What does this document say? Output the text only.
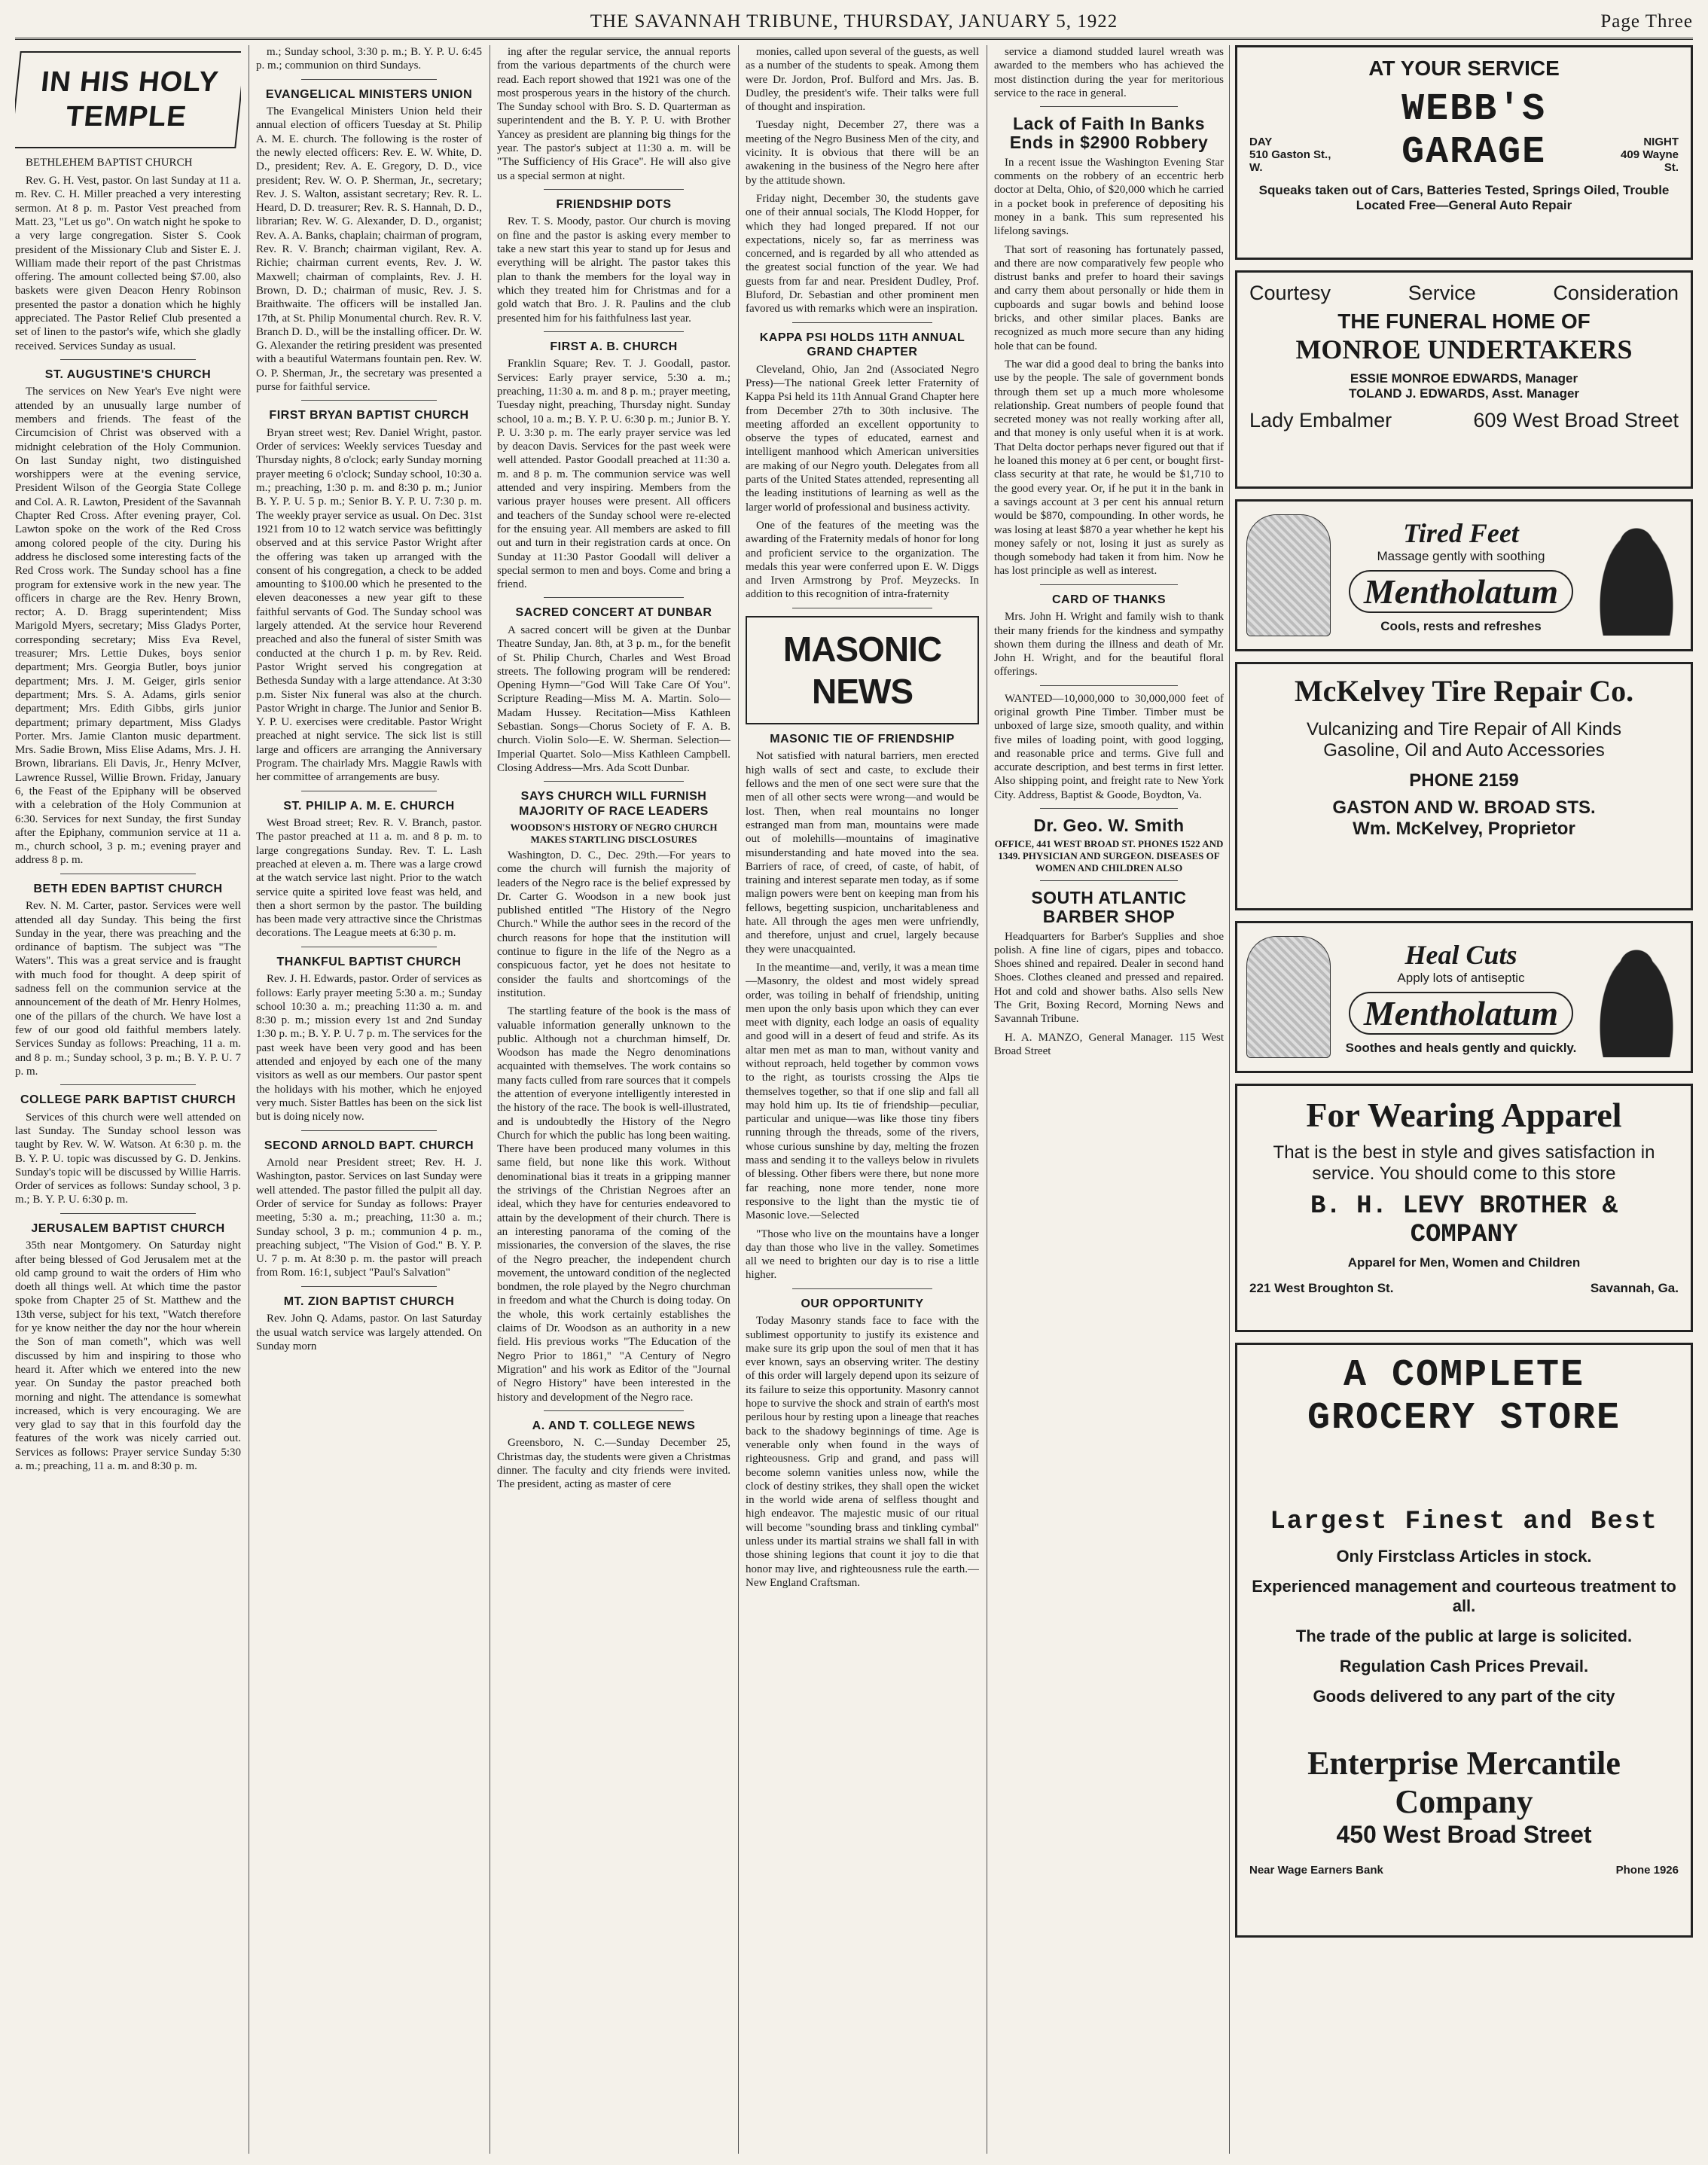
THE SAVANNAH TRIBUNE, THURSDAY, JANUARY 5, 1922	Page Three
IN HIS HOLY TEMPLE

BETHLEHEM BAPTIST CHURCH

Rev. G. H. Vest, pastor. On last Sunday at 11 a. m. Rev. C. H. Miller preached a very interesting sermon. At 8 p. m. Pastor Vest preached from Matt. 23, "Let us go". On watch night he spoke to a very large congregation. Sister S. Cook president of the Missionary Club and Sister E. J. William made their report of the past Christmas offering. The amount collected being $7.00, also baskets were given Deacon Henry Robinson presented the pastor a donation which he highly appreciated. The Pastor Relief Club presented a set of linen to the pastor's wife, which she gladly received. Services Sunday as usual.

ST. AUGUSTINE'S CHURCH

The services on New Year's Eve night were attended by an unusually large number of members and friends. The feast of the Circumcision of Christ was observed with a midnight celebration of the Holy Communion. On last Sunday night, two distinguished worshippers were at the evening service, President Wilson of the Georgia State College and Col. A. R. Lawton, President of the Savannah Chapter Red Cross. After evening prayer, Col. Lawton spoke on the work of the Red Cross among colored people of the city. During his address he disclosed some interesting facts of the Red Cross work. The Sunday school has a fine program for extensive work in the new year. The officers in charge are the Rev. Henry Brown, rector; A. D. Bragg superintendent; Miss Marigold Myers, secretary; Miss Gladys Porter, corresponding secretary; Miss Eva Revel, treasurer; Mrs. Lettie Dukes, boys senior department; Mrs. Georgia Butler, boys junior department; Mrs. J. M. Geiger, girls senior department; Mrs. S. A. Adams, girls senior department; Mrs. Edith Gibbs, girls junior department; primary department, Miss Gladys Porter. Mrs. Jamie Clanton music department. Mrs. Sadie Brown, Miss Elise Adams, Mrs. J. H. Brown, librarians. Eli Davis, Jr., Henry McIver, Lawrence Russel, Willie Brown. Friday, January 6, the Feast of the Epiphany will be observed with a celebration of the Holy Communion at 6:30. Services for next Sunday, the first Sunday after the Epiphany, communion service at 11 a. m., church school, 3 p. m.; evening prayer and address 8 p. m.

BETH EDEN BAPTIST CHURCH

Rev. N. M. Carter, pastor. Services were well attended all day Sunday. This being the first Sunday in the year, there was preaching and the ordinance of baptism. The subject was "The Waters". This was a great service and is fraught with much food for thought. A deep spirit of sadness fell on the communion service at the announcement of the death of Mr. Henry Holmes, one of the pillars of the church. We have lost a few of our good old faithful members lately. Services Sunday as follows: Preaching, 11 a. m. and 8 p. m.; Sunday school, 3 p. m.; B. Y. P. U. 7 p. m.

COLLEGE PARK BAPTIST CHURCH

Services of this church were well attended on last Sunday. The Sunday school lesson was taught by Rev. W. W. Watson. At 6:30 p. m. the B. Y. P. U. topic was discussed by G. D. Jenkins. Sunday's topic will be discussed by Willie Harris. Order of services as follows: Sunday school, 3 p. m.; B. Y. P. U. 6:30 p. m.

JERUSALEM BAPTIST CHURCH

35th near Montgomery. On Saturday night after being blessed of God Jerusalem met at the old camp ground to wait the orders of Him who doeth all things well. At which time the pastor spoke from Chapter 25 of St. Matthew and the 13th verse, subject for his text, "Watch therefore for ye know neither the day nor the hour wherein the Son of man cometh", which was well discussed by him and inspiring to those who heard it. After which we entered into the new year. On Sunday the pastor preached both morning and night. The attendance is somewhat increased, which is very encouraging. We are very glad to say that in this fourfold day the features of the work was nicely carried out. Services as follows: Prayer service Sunday 5:30 a. m.; preaching, 11 a. m. and 8:30 p. m.

m.; Sunday school, 3:30 p. m.; B. Y. P. U. 6:45 p. m.; communion on third Sundays.

EVANGELICAL MINISTERS UNION

The Evangelical Ministers Union held their annual election of officers Tuesday at St. Philip A. M. E. church. The following is the roster of the newly elected officers: Rev. E. W. White, D. D., president; Rev. A. E. Gregory, D. D., vice president; Rev. W. O. P. Sherman, Jr., secretary; Rev. J. S. Walton, assistant secretary; Rev. R. L. Heard, D. D. treasurer; Rev. R. S. Hannah, D. D., librarian; Rev. W. G. Alexander, D. D., organist; Rev. A. A. Banks, chaplain; chairman of program, Rev. R. V. Branch; chairman vigilant, Rev. A. Richie; chairman current events, Rev. J. W. Maxwell; chairman of complaints, Rev. J. H. Brown, D. D.; chairman of music, Rev. J. S. Braithwaite. The officers will be installed Jan. 17th, at St. Philip Monumental church. Rev. R. V. Branch D. D., will be the installing officer. Dr. W. G. Alexander the retiring president was presented with a beautiful Watermans fountain pen. Rev. W. O. P. Sherman, Jr., the secretary was presented a purse for faithful service.

FIRST BRYAN BAPTIST CHURCH

Bryan street west; Rev. Daniel Wright, pastor. Order of services: Weekly services Tuesday and Thursday nights, 8 o'clock; early Sunday morning prayer meeting 6 o'clock; Sunday school, 10:30 a. m.; preaching, 1:30 p. m. and 8:30 p. m.; Junior B. Y. P. U. 5 p. m.; Senior B. Y. P. U. 7:30 p. m. The weekly prayer service as usual. On Dec. 31st 1921 from 10 to 12 watch service was befittingly observed and at this service Pastor Wright after the offering was taken up arranged with the consent of his congregation, a check to be added amounting to $100.00 which he presented to the eleven deaconesses a new year gift to these faithful servants of God. The Sunday school was largely attended. At the service hour Reverend preached and also the funeral of sister Smith was conducted at the church 1 p. m. by Rev. Reid. Pastor Wright served his congregation at Bethesda Sunday with a large attendance. At 3:30 p.m. Sister Nix funeral was also at the church. Pastor Wright in charge. The Junior and Senior B. Y. P. U. exercises were creditable. Pastor Wright preached at night service. The sick list is still large and officers are arranging the Anniversary Program. The chairlady Mrs. Maggie Rawls with her committee of arrangements are busy.

ST. PHILIP A. M. E. CHURCH

West Broad street; Rev. R. V. Branch, pastor. The pastor preached at 11 a. m. and 8 p. m. to large congregations Sunday. Rev. T. L. Lash preached at eleven a. m. There was a large crowd at the watch service last night. Prior to the watch service quite a spirited love feast was held, and then a short sermon by the pastor. The building has been made very attractive since the Christmas decorations. The League meets at 6:30 p. m.

THANKFUL BAPTIST CHURCH

Rev. J. H. Edwards, pastor. Order of services as follows: Early prayer meeting 5:30 a. m.; Sunday school 10:30 a. m.; preaching 11:30 a. m. and 8:30 p. m.; mission every 1st and 2nd Sunday 1:30 p. m.; B. Y. P. U. 7 p. m. The services for the past week have been very good and has been attended and enjoyed by each one of the many visitors as well as our members. Our pastor spent the holidays with his mother, which he enjoyed very much. Sister Battles has been on the sick list but is doing nicely now.

SECOND ARNOLD BAPT. CHURCH

Arnold near President street; Rev. H. J. Washington, pastor. Services on last Sunday were well attended. The pastor filled the pulpit all day. Order of service for Sunday as follows: Prayer meeting, 5:30 a. m.; preaching, 11:30 a. m.; Sunday school, 3 p. m.; communion 4 p. m., preaching subject, "The Vision of God." B. Y. P. U. 7 p. m. At 8:30 p. m. the pastor will preach from Rom. 16:1, subject "Paul's Salvation"

MT. ZION BAPTIST CHURCH

Rev. John Q. Adams, pastor. On last Saturday the usual watch service was largely attended. On Sunday morn

ing after the regular service, the annual reports from the various departments of the church were read. Each report showed that 1921 was one of the most prosperous years in the history of the church. The Sunday school with Bro. S. D. Quarterman as superintendent and the B. Y. P. U. with Brother Yancey as president are planning big things for the year. The pastor's subject at 11:30 a. m. will be "The Sufficiency of His Grace". He will also give us a special sermon at night.

FRIENDSHIP DOTS

Rev. T. S. Moody, pastor. Our church is moving on fine and the pastor is asking every member to take a new start this year to stand up for Jesus and everything will be alright. The pastor takes this plan to thank the members for the loyal way in which they treated him for Christmas and for a gold watch that Bro. J. R. Paulins and the club presented him for his faithfulness last year.

FIRST A. B. CHURCH

Franklin Square; Rev. T. J. Goodall, pastor. Services: Early prayer service, 5:30 a. m.; preaching, 11:30 a. m. and 8 p. m.; prayer meeting, Tuesday night, preaching, Thursday night. Sunday school, 10 a. m.; B. Y. P. U. 6:30 p. m.; Junior B. Y. P. U. 3:30 p. m. The early prayer service was led by deacon Davis. Services for the past week were well attended. Pastor Goodall preached at 11:30 a. m. and 8 p. m. The communion service was well attended and very inspiring. Members from the various prayer houses were present. All officers and teachers of the Sunday school were re-elected for the ensuing year. All members are asked to fill out and turn in their registration cards at once. On Sunday at 11:30 Pastor Goodall will deliver a special sermon to men and boys. Come and bring a friend.

SACRED CONCERT AT DUNBAR

A sacred concert will be given at the Dunbar Theatre Sunday, Jan. 8th, at 3 p. m., for the benefit of St. Philip Church, Charles and West Broad streets. The following program will be rendered: Opening Hymn—"God Will Take Care Of You". Scripture Reading—Miss M. A. Martin. Solo—Madam Hussey. Recitation—Miss Kathleen Sebastian. Songs—Chorus Society of F. A. B. church. Violin Solo—E. W. Sherman. Selection—Imperial Quartet. Solo—Miss Kathleen Campbell. Closing Address—Mrs. Ada Scott Dunbar.

SAYS CHURCH WILL FURNISH MAJORITY OF RACE LEADERS
WOODSON'S HISTORY OF NEGRO CHURCH MAKES STARTLING DISCLOSURES

Washington, D. C., Dec. 29th.—For years to come the church will furnish the majority of leaders of the Negro race is the belief expressed by Dr. Carter G. Woodson in a new book just published entitled "The History of the Negro Church." While the author sees in the record of the church reasons for hope that the institution will continue to figure in the life of the Negro as a conspicuous factor, yet he does not hesitate to consider the faults and shortcomings of the institution.

The startling feature of the book is the mass of valuable information generally unknown to the public. Although not a churchman himself, Dr. Woodson has made the Negro denominations acquainted with themselves. The work contains so many facts culled from rare sources that it compels the attention of everyone intelligently interested in the history of the race. The book is well-illustrated, and is undoubtedly the History of the Negro Church for which the public has long been waiting. There have been produced many volumes in this same field, but none like this work. Without denominational bias it treats in a gripping manner the strivings of the Christian Negroes after an ideal, which they have for centuries endeavored to attain by the development of their church. There is an interesting panorama of the coming of the missionaries, the conversion of the slaves, the rise of the Negro preacher, the independent church movement, the untoward condition of the neglected bondmen, the role played by the Negro churchman in freedom and what the Church is doing today. On the whole, this work certainly establishes the claims of Dr. Woodson as an authority in a new field. His previous works "The Education of the Negro Prior to 1861," "A Century of Negro Migration" and his work as Editor of the "Journal of Negro History" have been interested in the history and development of the Negro race.

A. AND T. COLLEGE NEWS

Greensboro, N. C.—Sunday December 25, Christmas day, the students were given a Christmas dinner. The faculty and city friends were invited. The president, acting as master of cere

monies, called upon several of the guests, as well as a number of the students to speak. Among them were Dr. Jordon, Prof. Bulford and Mrs. Jas. B. Dudley, the president's wife. Their talks were full of thought and inspiration.

Tuesday night, December 27, there was a meeting of the Negro Business Men of the city, and vicinity. It is obvious that there will be an awakening in the business of the Negro here after by the attitude shown.

Friday night, December 30, the students gave one of their annual socials, The Klodd Hopper, for which they had longed prepared. If not our expectations, nicely so, far as merriness was concerned, and is regarded by all who attended as the greatest social function of the year. We had guests from far and near. President Dudley, Prof. Bluford, Dr. Sebastian and other prominent men favored us with remarks which were an inspiration.

KAPPA PSI HOLDS 11TH ANNUAL GRAND CHAPTER

Cleveland, Ohio, Jan 2nd (Associated Negro Press)—The national Greek letter Fraternity of Kappa Psi held its 11th Annual Grand Chapter here from December 27th to 30th inclusive. The meeting afforded an excellent opportunity to observe the types of educated, earnest and intelligent manhood which American universities are making of our Negro youth. Delegates from all parts of the United States attended, representing all the leading institutions of learning as well as the larger world of professional and business activity.

One of the features of the meeting was the awarding of the Fraternity medals of honor for long and proficient service to the organization. The medals this year were conferred upon E. W. Diggs and Irven Armstrong by Prof. Meyzecks. In addition to this recognition of intra-fraternity

MASONIC NEWS
MASONIC TIE OF FRIENDSHIP

Not satisfied with natural barriers, men erected high walls of sect and caste, to exclude their fellows and the men of one sect were sure that the men of all other sects were wrong—and would be lost. Then, when real mountains no longer estranged man from man, mountains were made out of molehills—mountains of imaginative misunderstanding and hate moved into the sea. Barriers of race, of creed, of caste, of habit, of training and interest separate men today, as if some malign powers were bent on keeping man from his fellows, begetting suspicion, uncharitableness and hate. All through the ages men were unfriendly, and therefore, unjust and cruel, largely because they were unacquainted.

In the meantime—and, verily, it was a mean time—Masonry, the oldest and most widely spread order, was toiling in behalf of friendship, uniting men upon the only basis upon which they can ever meet with dignity, each lodge an oasis of equality and good will in a desert of feud and strife. As its altar men met as man to man, without vanity and without reproach, held together by common vows to the right, as tourists crossing the Alps tie themselves together, so that if one slip and fall all may hold him up. Its tie of friendship—peculiar, particular and unique—was like those tiny fibers running through the threads, some of the rivers, whose curious sunshine by day, melting the frozen mass and sending it to the valleys below in rivulets of blessing. Other fibers were there, but none more far reaching, none more tender, none more responsive to the light than the mystic tie of Masonic love.—Selected

"Those who live on the mountains have a longer day than those who live in the valley. Sometimes all we need to brighten our day is to rise a little higher.

OUR OPPORTUNITY

Today Masonry stands face to face with the sublimest opportunity to justify its existence and make sure its grip upon the soul of men that it has ever known, says an observing writer. The destiny of this order will largely depend upon its seizure of its failure to seize this opportunity. Masonry cannot hope to survive the shock and strain of earth's most perilous hour by resting upon a lineage that reaches back to the shadowy beginnings of time. Age is venerable only when found in the ways of righteousness. Grip and grand, and pass will become solemn vanities unless now, while the clock of destiny strikes, they shall open the wicket in the world wide arena of selfless thought and high endeavor. The majestic music of our ritual will become "sounding brass and tinkling cymbal" unless under its martial strains we shall fall in with those shining legions that count it joy to die that honor may live, and righteousness rule the earth.—New England Craftsman.

service a diamond studded laurel wreath was awarded to the members who has achieved the most distinction during the year for meritorious service to the race in general.

Lack of Faith In Banks Ends in $2900 Robbery

In a recent issue the Washington Evening Star comments on the robbery of an eccentric herb doctor at Delta, Ohio, of $20,000 which he carried in a pocket book in preference of depositing his money in a bank. This sum represented his lifelong savings.

That sort of reasoning has fortunately passed, and there are now comparatively few people who distrust banks and prefer to hoard their savings and carry them about personally or hide them in cupboards and sugar bowls and behind loose bricks, and other similar places. Banks are recognized as much more secure than any hiding hole that can be found.

The war did a good deal to bring the banks into use by the people. The sale of government bonds through them set up a much more wholesome relationship. Great numbers of people found that secreted money was not really working after all, and that money is only useful when it is at work. That Delta doctor perhaps never figured out that if he loaned this money at 6 per cent, or bought first-class security at that rate, he would be $1,710 to the good every year. Or, if he put it in the bank in a savings account at 3 per cent his annual return would be $870, compounding. In other words, he was losing at least $870 a year whether he kept his money safely or not, losing it just as surely as though somebody had taken it from him. Now he has lost principle as well as interest.

CARD OF THANKS

Mrs. John H. Wright and family wish to thank their many friends for the kindness and sympathy shown them during the illness and death of Mr. John H. Wright, and for the beautiful floral offerings.

WANTED—10,000,000 to 30,000,000 feet of original growth Pine Timber. Timber must be unboxed of large size, smooth quality, and within five miles of loading point, with good logging, and reasonable price and terms. Give full and accurate description, and best terms in first letter. Also shipping point, and freight rate to New York City. Address, Baptist & Goode, Boydton, Va.

Dr. Geo. W. Smith
OFFICE, 441 WEST BROAD ST. PHONES 1522 AND 1349. PHYSICIAN AND SURGEON. DISEASES OF WOMEN AND CHILDREN ALSO
SOUTH ATLANTIC BARBER SHOP

Headquarters for Barber's Supplies and shoe polish. A fine line of cigars, pipes and tobacco. Shoes shined and repaired. Dealer in second hand Shoes. Clothes cleaned and pressed and repaired. Hot and cold and shower baths. Also sells New The Grit, Boxing Record, Morning News and Savannah Tribune.

H. A. MANZO, General Manager. 115 West Broad Street

AT YOUR SERVICE
DAY
510 Gaston St., W.
WEBB'S GARAGE	NIGHT
409 Wayne St.
Squeaks taken out of Cars, Batteries Tested, Springs Oiled, Trouble
Located Free—General Auto Repair
Courtesy	Service	Consideration
THE FUNERAL HOME OF
MONROE UNDERTAKERS
ESSIE MONROE EDWARDS, Manager
TOLAND J. EDWARDS, Asst. Manager
Lady Embalmer	609 West Broad Street
Tired Feet
Massage gently with soothing
Mentholatum
Cools, rests and refreshes
McKelvey Tire Repair Co.
Vulcanizing and Tire Repair of All Kinds
Gasoline, Oil and Auto Accessories
PHONE 2159
GASTON AND W. BROAD STS.
Wm. McKelvey, Proprietor
Heal Cuts
Apply lots of antiseptic
Mentholatum
Soothes and heals gently and quickly.
For Wearing Apparel
That is the best in style and gives satisfaction in service. You should come to this store
B. H. LEVY BROTHER & COMPANY
Apparel for Men, Women and Children
221 West Broughton St.	Savannah, Ga.
A COMPLETE GROCERY STORE
Largest Finest and Best
Only Firstclass Articles in stock.
Experienced management and courteous treatment to all.
The trade of the public at large is solicited.
Regulation Cash Prices Prevail.
Goods delivered to any part of the city
Enterprise Mercantile Company
450 West Broad Street
Near Wage Earners Bank	Phone 1926
